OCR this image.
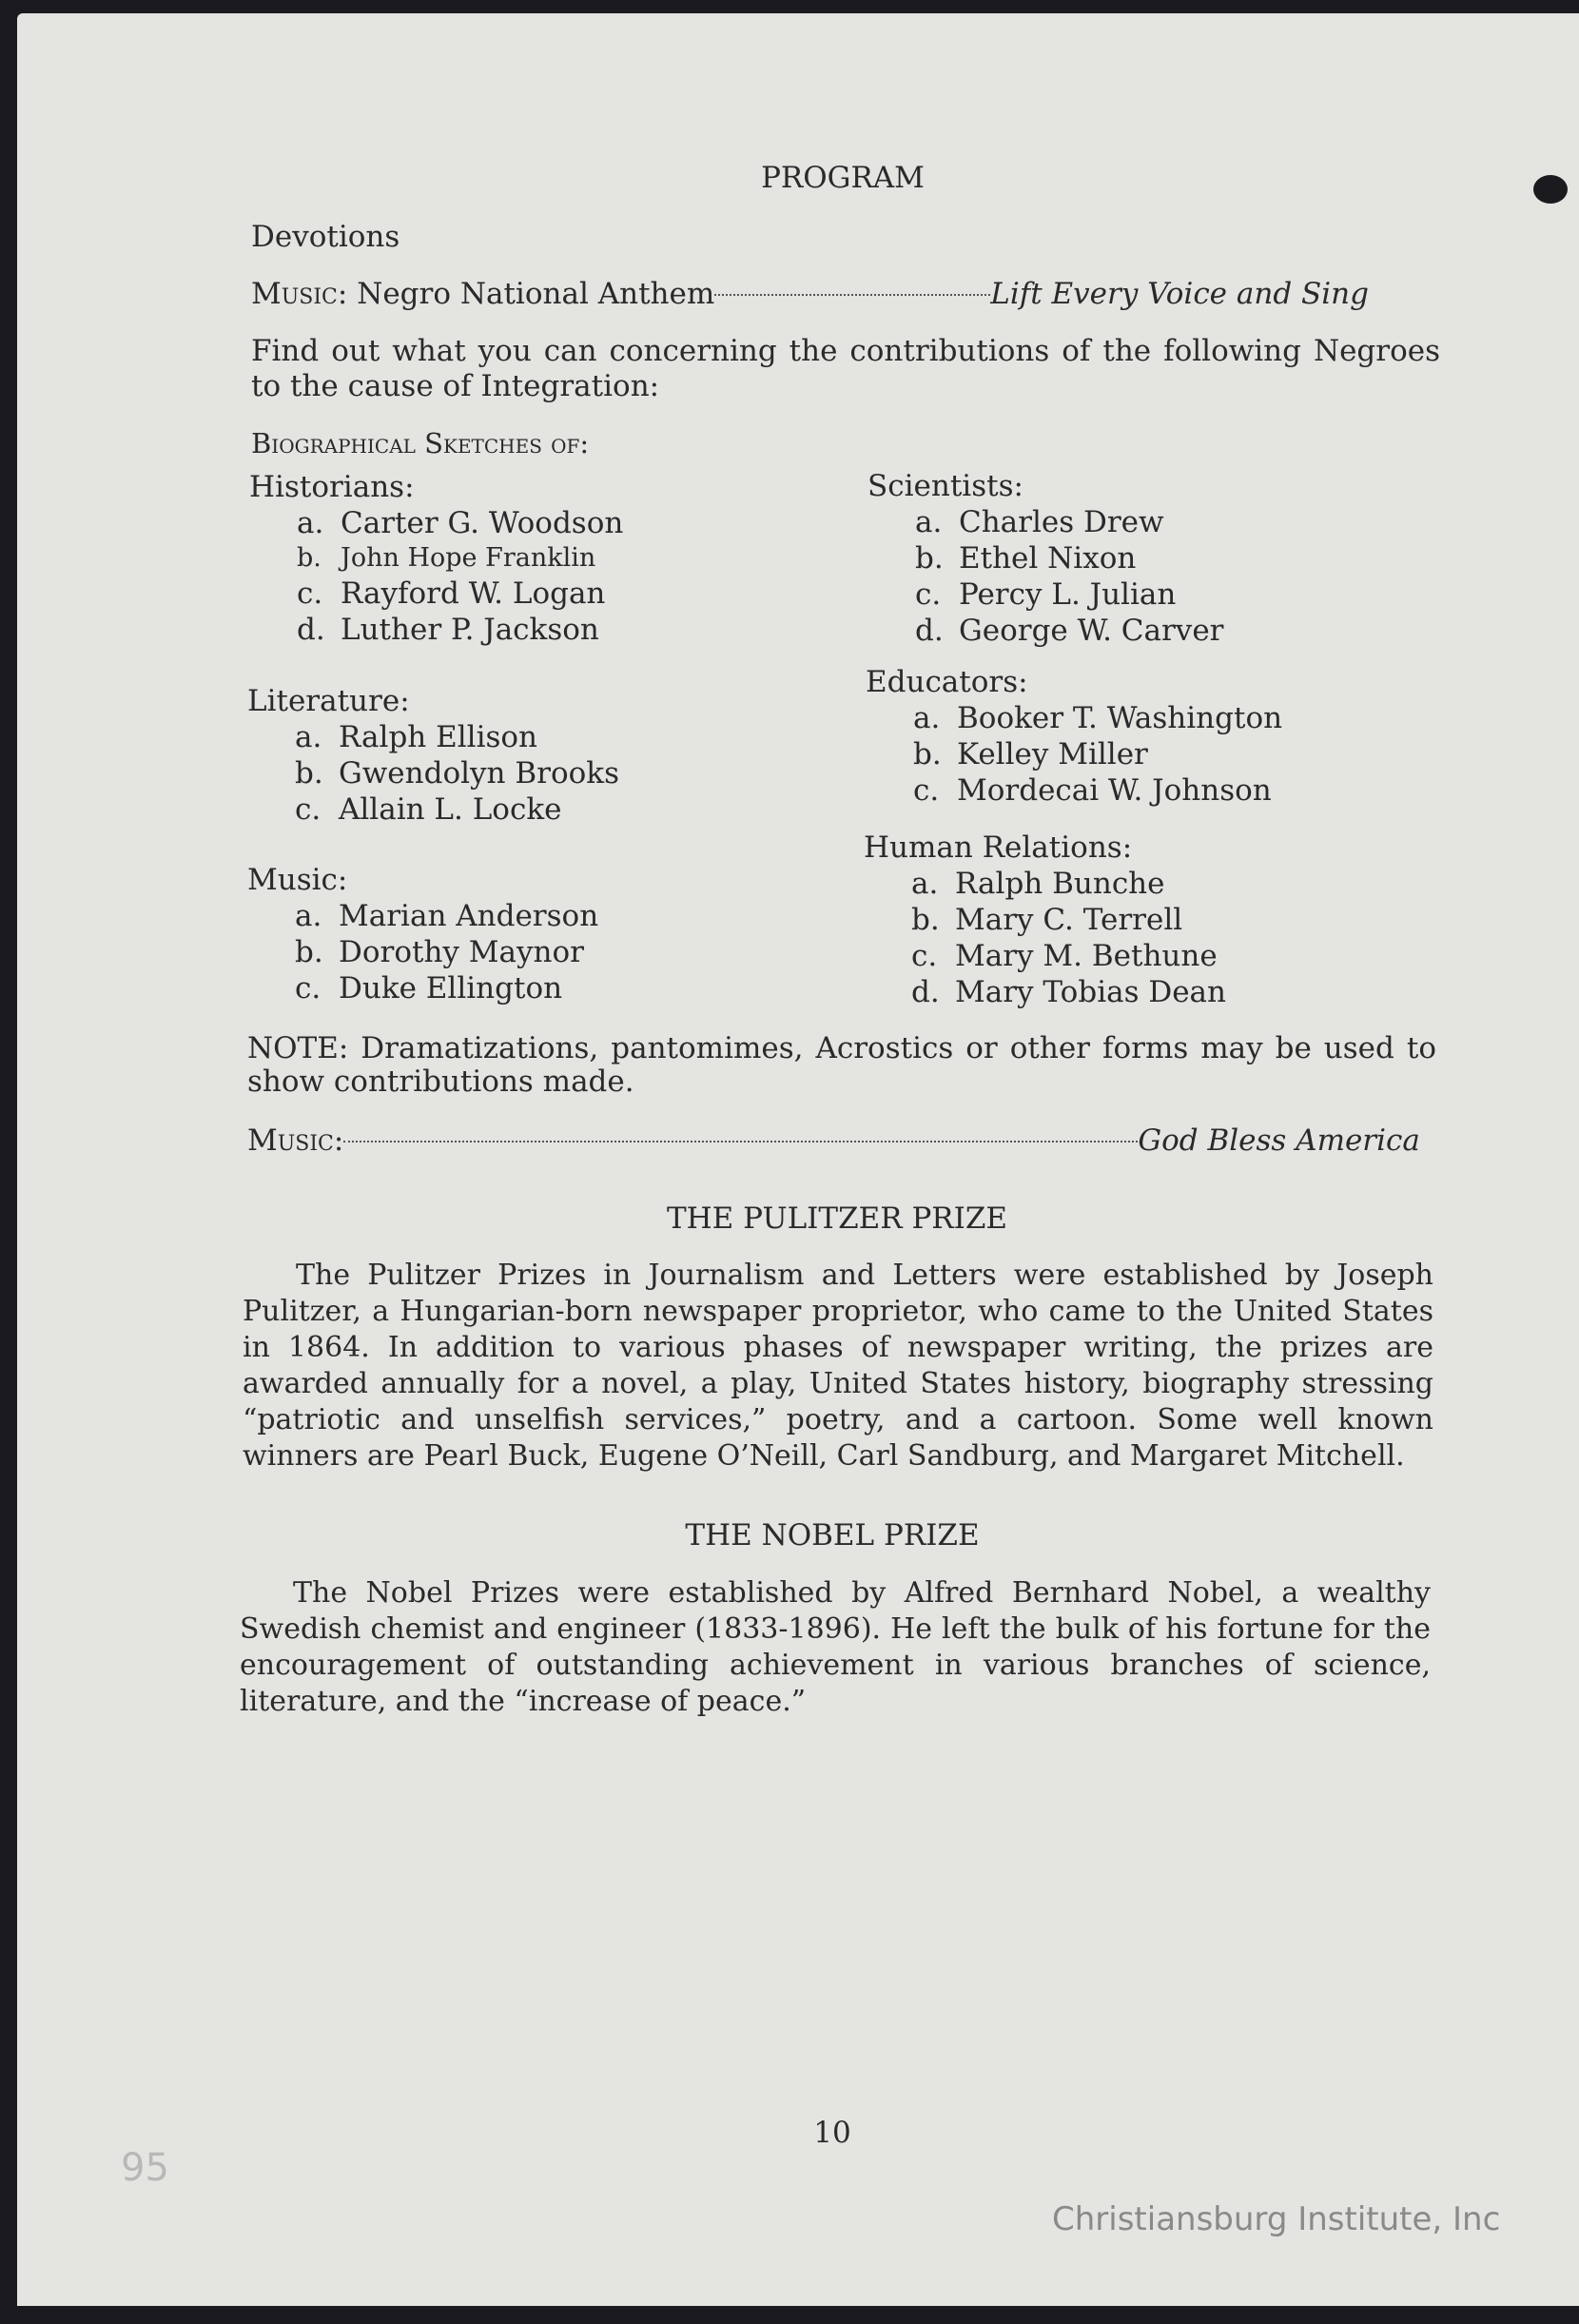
PROGRAM
Devotions
Music: Negro National Anthem	Lift Every Voice and Sing
Find out what you can concerning the contributions of the following Negroes
to the cause of Integration:
Biographical Sketches of:

Historians:

a. Carter G. Woodson
b. John Hope Franklin
c. Rayford W. Logan
d. Luther P. Jackson

Literature:

a. Ralph Ellison
b. Gwendolyn Brooks
c. Allain L. Locke

Music:

a. Marian Anderson
b. Dorothy Maynor
c. Duke Ellington

Scientists:

a. Charles Drew
b. Ethel Nixon
c. Percy L. Julian
d. George W. Carver

Educators:

a. Booker T. Washington
b. Kelley Miller
c. Mordecai W. Johnson

Human Relations:

a. Ralph Bunche
b. Mary C. Terrell
c. Mary M. Bethune
d. Mary Tobias Dean
NOTE: Dramatizations, pantomimes, Acrostics or other forms may be used to
show contributions made.
Music:	God Bless America
THE PULITZER PRIZE

The Pulitzer Prizes in Journalism and Letters were established by Joseph Pulitzer, a Hungarian-born newspaper proprietor, who came to the United States in 1864. In addition to various phases of newspaper writing, the prizes are awarded annually for a novel, a play, United States history, biography stressing “patriotic and unselfish services,” poetry, and a cartoon. Some well known winners are Pearl Buck, Eugene O’Neill, Carl Sandburg, and Margaret Mitchell.

THE NOBEL PRIZE

The Nobel Prizes were established by Alfred Bernhard Nobel, a wealthy Swedish chemist and engineer (1833-1896). He left the bulk of his fortune for the encouragement of outstanding achievement in various branches of science, literature, and the “increase of peace.”

10
95
Christiansburg Institute, Inc
